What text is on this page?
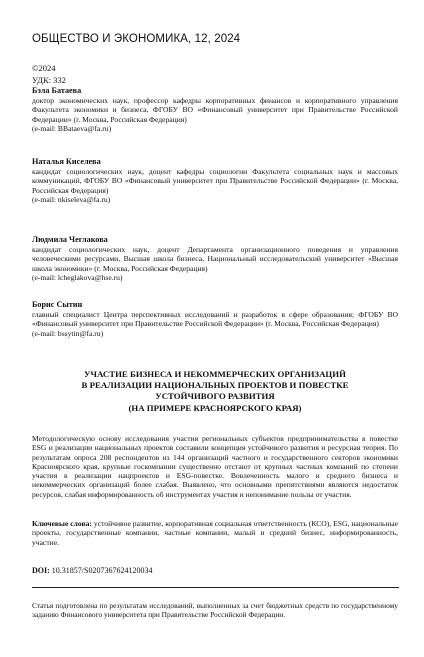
ОБЩЕСТВО И ЭКОНОМИКА, 12, 2024
©2024
УДК: 332
Бэла Батаева
доктор экономических наук, профессор кафедры корпоративных финансов и корпоративного управления Факультета экономики и бизнеса, ФГОБУ ВО «Финансовый университет при Правительстве Российской Федерации» (г. Москва, Российская Федерация)
(e-mail: BBataeva@fa.ru)
Наталья Киселева
кандидат социологических наук, доцент кафедры социологии Факультета социальных наук и массовых коммуникаций, ФГОБУ ВО «Финансовый университет при Правительстве Российской Федерации» (г. Москва, Российская Федерация)
(e-mail: nkiseleva@fa.ru)
Людмила Чеглакова
кандидат социологических наук, доцент Департамента организационного поведения и управления человеческими ресурсами, Высшая школа бизнеса, Национальный исследовательский университет «Высшая школа экономики» (г. Москва, Российская Федерация)
(e-mail: lcheglakova@hse.ru)
Борис Сытин
главный специалист Центра перспективных исследований и разработок в сфере образования; ФГОБУ ВО «Финансовый университет при Правительстве Российской Федерации» (г. Москва, Российская Федерация)
(e-mail: bssytin@fa.ru)
УЧАСТИЕ БИЗНЕСА И НЕКОММЕРЧЕСКИХ ОРГАНИЗАЦИЙ
В РЕАЛИЗАЦИИ НАЦИОНАЛЬНЫХ ПРОЕКТОВ И ПОВЕСТКЕ
УСТОЙЧИВОГО РАЗВИТИЯ
(НА ПРИМЕРЕ КРАСНОЯРСКОГО КРАЯ)
Методологическую основу исследования участия региональных субъектов предпринимательства в повестке ESG и реализации национальных проектов составили концепция устойчивого развития и ресурсная теория. По результатам опроса 208 респондентов из 144 организаций частного и государственного секторов экономики Красноярского края, крупные госкомпании существенно отстают от крупных частных компаний по степени участия в реализации нацпроектов и ESG-повестке. Вовлеченность малого и среднего бизнеса и некоммерческих организаций более слабая. Выявлено, что основными препятствиями являются недостаток ресурсов, слабая информированность об инструментах участия и непонимание пользы от участия.
Ключевые слова: устойчивое развитие, корпоративная социальная ответственность (КСО), ESG, национальные проекты, государственные компании, частные компании, малый и средний бизнес, информированность, участие.
DOI: 10.31857/S0207367624120034
Статья подготовлена по результатам исследований, выполненных за счет бюджетных средств по государственному заданию Финансового университета при Правительстве Российской Федерации.
